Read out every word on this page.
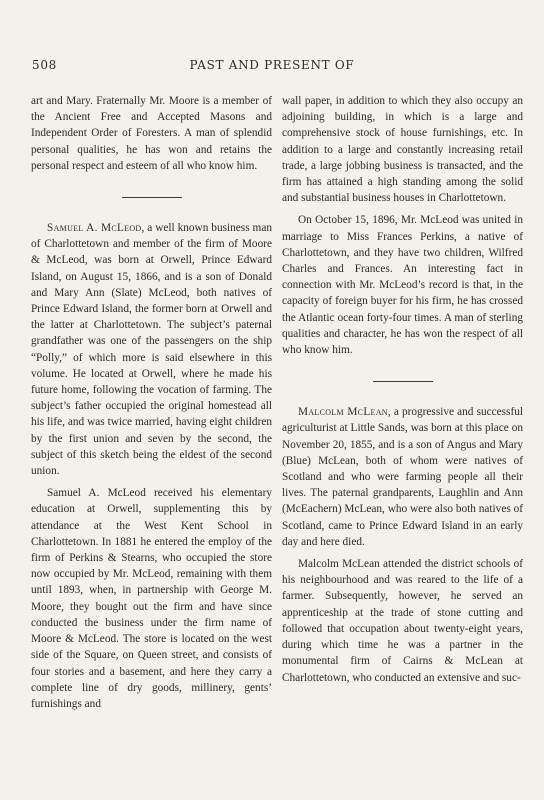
508	PAST AND PRESENT OF

art and Mary. Fraternally Mr. Moore is a member of the Ancient Free and Accepted Masons and Independent Order of Foresters. A man of splendid personal qualities, he has won and retains the personal respect and esteem of all who know him.

Samuel A. McLeod, a well known business man of Charlottetown and member of the firm of Moore & McLeod, was born at Orwell, Prince Edward Island, on August 15, 1866, and is a son of Donald and Mary Ann (Slate) McLeod, both natives of Prince Edward Island, the former born at Orwell and the latter at Charlottetown. The subject’s paternal grandfather was one of the passengers on the ship “Polly,” of which more is said elsewhere in this volume. He located at Orwell, where he made his future home, following the vocation of farming. The subject’s father occupied the original homestead all his life, and was twice married, having eight children by the first union and seven by the second, the subject of this sketch being the eldest of the second union.

Samuel A. McLeod received his elementary education at Orwell, supplementing this by attendance at the West Kent School in Charlottetown. In 1881 he entered the employ of the firm of Perkins & Stearns, who occupied the store now occupied by Mr. McLeod, remaining with them until 1893, when, in partnership with George M. Moore, they bought out the firm and have since conducted the business under the firm name of Moore & McLeod. The store is located on the west side of the Square, on Queen street, and consists of four stories and a basement, and here they carry a complete line of dry goods, millinery, gents’ furnishings and

wall paper, in addition to which they also occupy an adjoining building, in which is a large and comprehensive stock of house furnishings, etc. In addition to a large and constantly increasing retail trade, a large jobbing business is transacted, and the firm has attained a high standing among the solid and substantial business houses in Charlottetown.

On October 15, 1896, Mr. McLeod was united in marriage to Miss Frances Perkins, a native of Charlottetown, and they have two children, Wilfred Charles and Frances. An interesting fact in connection with Mr. McLeod’s record is that, in the capacity of foreign buyer for his firm, he has crossed the Atlantic ocean forty-four times. A man of sterling qualities and character, he has won the respect of all who know him.

Malcolm McLean, a progressive and successful agriculturist at Little Sands, was born at this place on November 20, 1855, and is a son of Angus and Mary (Blue) McLean, both of whom were natives of Scotland and who were farming people all their lives. The paternal grandparents, Laughlin and Ann (McEachern) McLean, who were also both natives of Scotland, came to Prince Edward Island in an early day and here died.

Malcolm McLean attended the district schools of his neighbourhood and was reared to the life of a farmer. Subsequently, however, he served an apprenticeship at the trade of stone cutting and followed that occupation about twenty-eight years, during which time he was a partner in the monumental firm of Cairns & McLean at Charlottetown, who conducted an extensive and suc-
